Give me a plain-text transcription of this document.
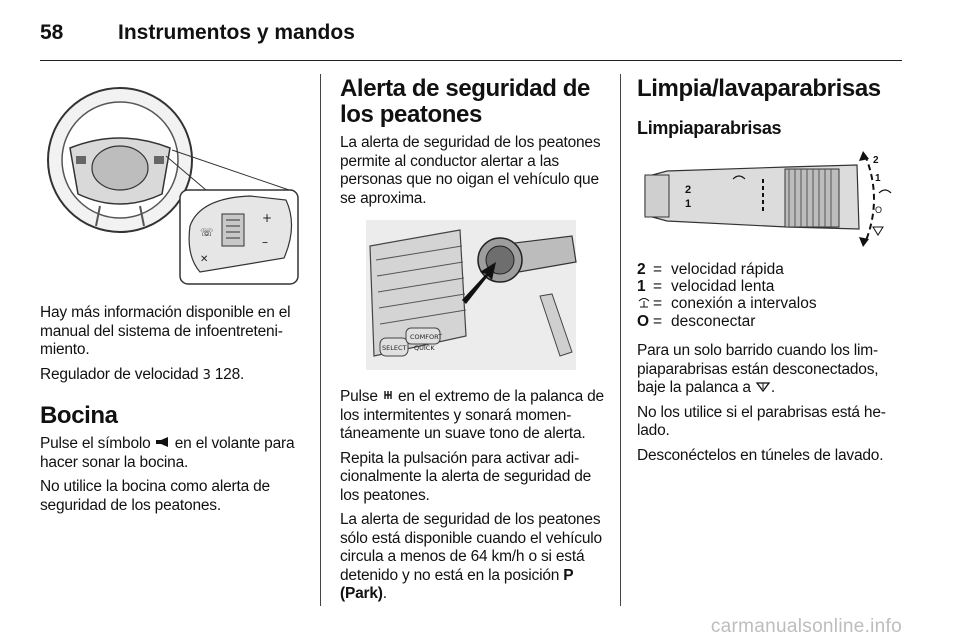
58	Instrumentos y mandos
☏
+
–
✕

Hay más información disponible en el manual del sistema de infoentretenimiento.

Regulador de velocidad 3 128.

Bocina

Pulse el símbolo  en el volante para hacer sonar la bocina.

No utilice la bocina como alerta de seguridad de los peatones.

Alerta de seguridad de los peatones

La alerta de seguridad de los peatones permite al conductor alertar a las personas que no oigan el vehículo que se aproxima.

COMFORT
QUICK
SELECT

Pulse  en el extremo de la palanca de los intermitentes y sonará momentáneamente un suave tono de alerta.

Repita la pulsación para activar adicionalmente la alerta de seguridad de los peatones.

La alerta de seguridad de los peatones sólo está disponible cuando el vehículo circula a menos de 64 km/h o si está detenido y no está en la posición P (Park).

Limpia/lavaparabrisas
Limpiaparabrisas
2
1
2
1
O
2 = velocidad rápida
1 = velocidad lenta
= conexión a intervalos
O = desconectar

Para un solo barrido cuando los limpiaparabrisas están desconectados, baje la palanca a .

No los utilice si el parabrisas está helado.

Desconéctelos en túneles de lavado.

carmanualsonline.info
